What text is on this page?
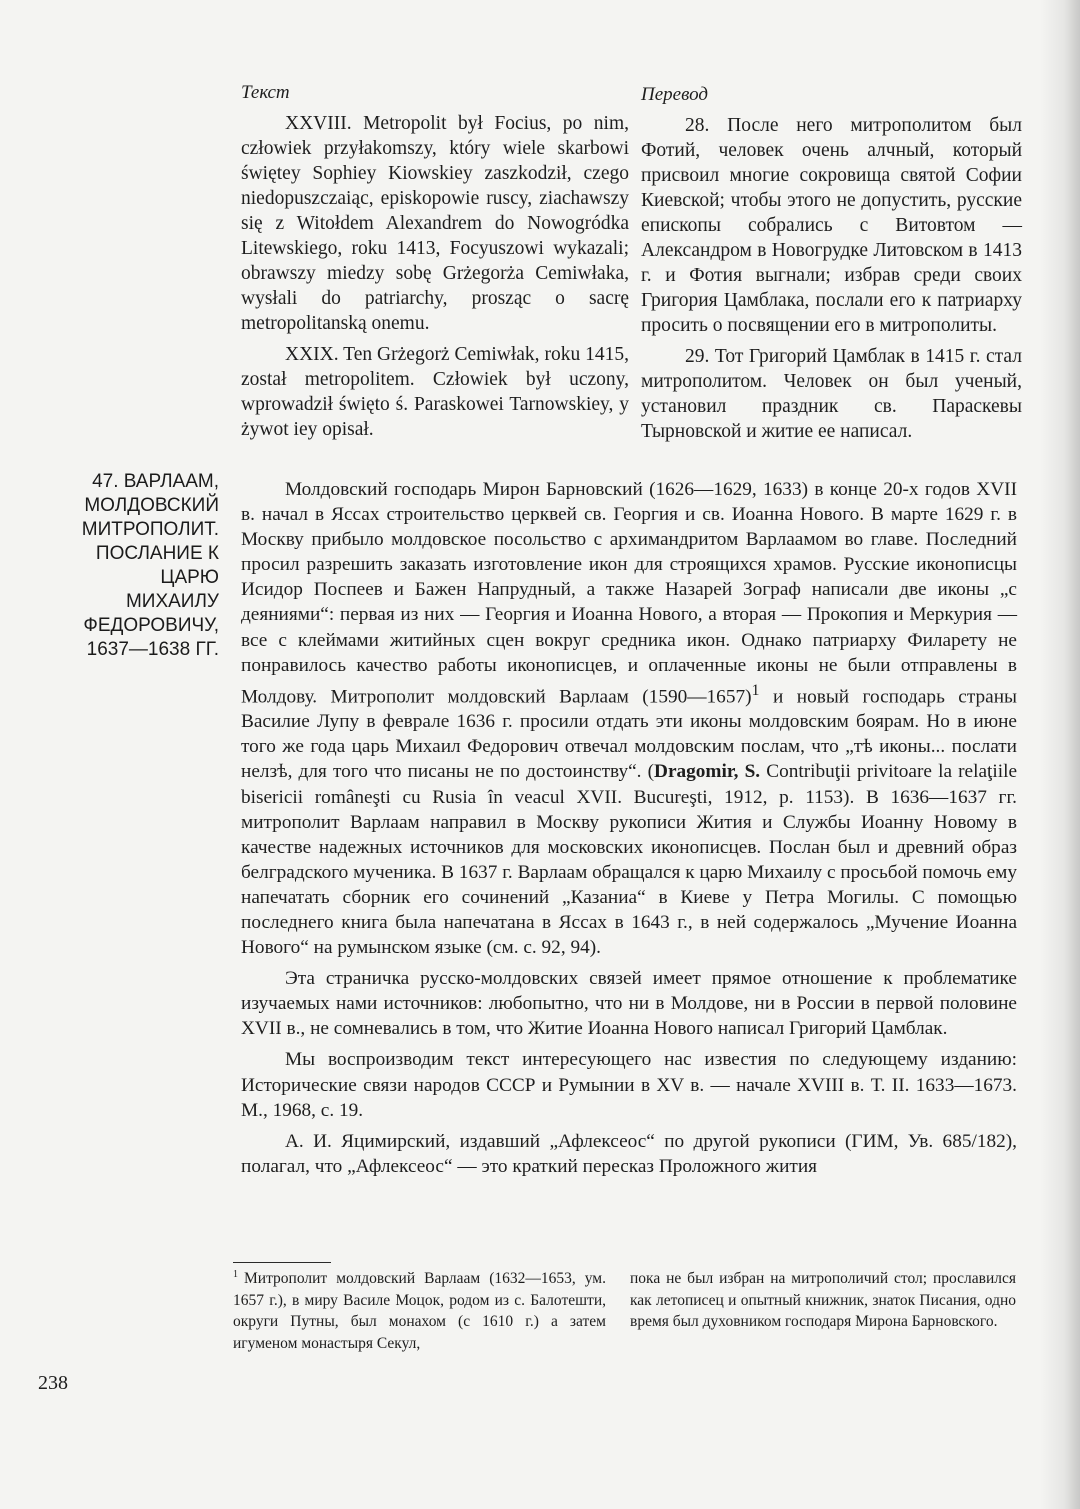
Текст

XXVIII. Metropolit był Focius, po nim, człowiek przyłakomszy, który wiele skarbowi świętey Sophiey Kiowskiey zaszkodził, czego niedopuszczaiąc, episkopowie ruscy, ziachawszy się z Witołdem Alexandrem do Nowogródka Litewskiego, roku 1413, Focyuszowi wykazali; obrawszy miedzy sobę Grżegorża Cemiwłaka, wysłali do patriarchy, prosząc o sacrę metropolitanską onemu.

XXIX. Ten Grżegorż Cemiwłak, roku 1415, został metropolitem. Człowiek był uczony, wprowadził święto ś. Paraskowei Tarnowskiey, y żywot iey opisał.

Перевод

28. После него митрополитом был Фотий, человек очень алчный, который присвоил многие сокровища святой Софии Киевской; чтобы этого не допустить, русские епископы собрались с Витовтом — Александром в Новогрудке Литовском в 1413 г. и Фотия выгнали; избрав среди своих Григория Цамблака, послали его к патриарху просить о посвящении его в митрополиты.

29. Тот Григорий Цамблак в 1415 г. стал митрополитом. Человек он был ученый, установил праздник св. Параскевы Тырновской и житие ее написал.

47. ВАРЛААМ,
МОЛДОВСКИЙ
МИТРОПОЛИТ.
ПОСЛАНИЕ К
ЦАРЮ
МИХАИЛУ
ФЕДОРОВИЧУ,
1637—1638 ГГ.

Молдовский господарь Мирон Барновский (1626—1629, 1633) в конце 20-х годов XVII в. начал в Яссах строительство церквей св. Георгия и св. Иоанна Нового. В марте 1629 г. в Москву прибыло молдовское посольство с архимандритом Варлаамом во главе. Последний просил разрешить заказать изготовление икон для строящихся храмов. Русские иконописцы Исидор Поспеев и Бажен Напрудный, а также Назарей Зограф написали две иконы „с деяниями“: первая из них — Георгия и Иоанна Нового, а вторая — Прокопия и Меркурия — все с клеймами житийных сцен вокруг средника икон. Однако патриарху Филарету не понравилось качество работы иконописцев, и оплаченные иконы не были отправлены в Молдову. Митрополит молдовский Варлаам (1590—1657)$^1$ и новый господарь страны Василие Лупу в феврале 1636 г. просили отдать эти иконы молдовским боярам. Но в июне того же года царь Михаил Федорович отвечал молдовским послам, что „тѣ иконы... послати нелзѣ, для того что писаны не по достоинству“. (Dragomir, S. Contribuţii privitoare la relaţiile bisericii româneşti cu Rusia în veacul XVII. Bucureşti, 1912, p. 1153). В 1636—1637 гг. митрополит Варлаам направил в Москву рукописи Жития и Службы Иоанну Новому в качестве надежных источников для московских иконописцев. Послан был и древний образ белградского мученика. В 1637 г. Варлаам обращался к царю Михаилу с просьбой помочь ему напечатать сборник его сочинений „Казаниа“ в Киеве у Петра Могилы. С помощью последнего книга была напечатана в Яссах в 1643 г., в ней содержалось „Мучение Иоанна Нового“ на румынском языке (см. с. 92, 94).

Эта страничка русско-молдовских связей имеет прямое отношение к проблематике изучаемых нами источников: любопытно, что ни в Молдове, ни в России в первой половине XVII в., не сомневались в том, что Житие Иоанна Нового написал Григорий Цамблак.

Мы воспроизводим текст интересующего нас известия по следующему изданию: Исторические связи народов СССР и Румынии в XV в. — начале XVIII в. Т. II. 1633—1673. М., 1968, с. 19.

А. И. Яцимирский, издавший „Афлексеос“ по другой рукописи (ГИМ, Ув. 685/182), полагал, что „Афлексеос“ — это краткий пересказ Проложного жития

$^1$ Митрополит молдовский Варлаам (1632—1653, ум. 1657 г.), в миру Василе Моцок, родом из с. Балотешти, округи Путны, был монахом (с 1610 г.) а затем игуменом монастыря Секул,
пока не был избран на митрополичий стол; прославился как летописец и опытный книжник, знаток Писания, одно время был духовником господаря Мирона Барновского.
238
